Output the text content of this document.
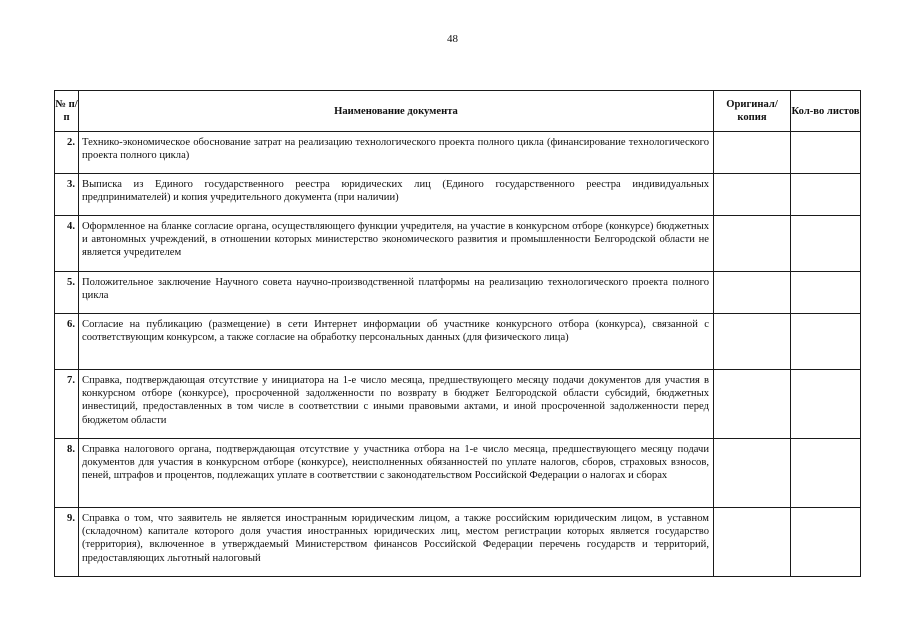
48
№ п/п	Наименование документа	Оригинал/ копия	Кол-во листов
2.	Технико-экономическое обоснование затрат на реализацию технологического проекта полного цикла (финансирование технологического проекта полного цикла)		
3.	Выписка из Единого государственного реестра юридических лиц (Единого государственного реестра индивидуальных предпринимателей) и копия учредительного документа (при наличии)		
4.	Оформленное на бланке согласие органа, осуществляющего функции учредителя, на участие в конкурсном отборе (конкурсе) бюджетных и автономных учреждений, в отношении которых министерство экономического развития и промышленности Белгородской области не является учредителем		
5.	Положительное заключение Научного совета научно-производственной платформы на реализацию технологического проекта полного цикла		
6.	Согласие на публикацию (размещение) в сети Интернет информации об участнике конкурсного отбора (конкурса), связанной с соответствующим конкурсом, а также согласие на обработку персональных данных (для физического лица)		
7.	Справка, подтверждающая отсутствие у инициатора на 1-е число месяца, предшествующего месяцу подачи документов для участия в конкурсном отборе (конкурсе), просроченной задолженности по возврату в бюджет Белгородской области субсидий, бюджетных инвестиций, предоставленных в том числе в соответствии с иными правовыми актами, и иной просроченной задолженности перед бюджетом области		
8.	Справка налогового органа, подтверждающая отсутствие у участника отбора на 1-е число месяца, предшествующего месяцу подачи документов для участия в конкурсном отборе (конкурсе), неисполненных обязанностей по уплате налогов, сборов, страховых взносов, пеней, штрафов и процентов, подлежащих уплате в соответствии с законодательством Российской Федерации о налогах и сборах		
9.	Справка о том, что заявитель не является иностранным юридическим лицом, а также российским юридическим лицом, в уставном (складочном) капитале которого доля участия иностранных юридических лиц, местом регистрации которых является государство (территория), включенное в утверждаемый Министерством финансов Российской Федерации перечень государств и территорий, предоставляющих льготный налоговый		
